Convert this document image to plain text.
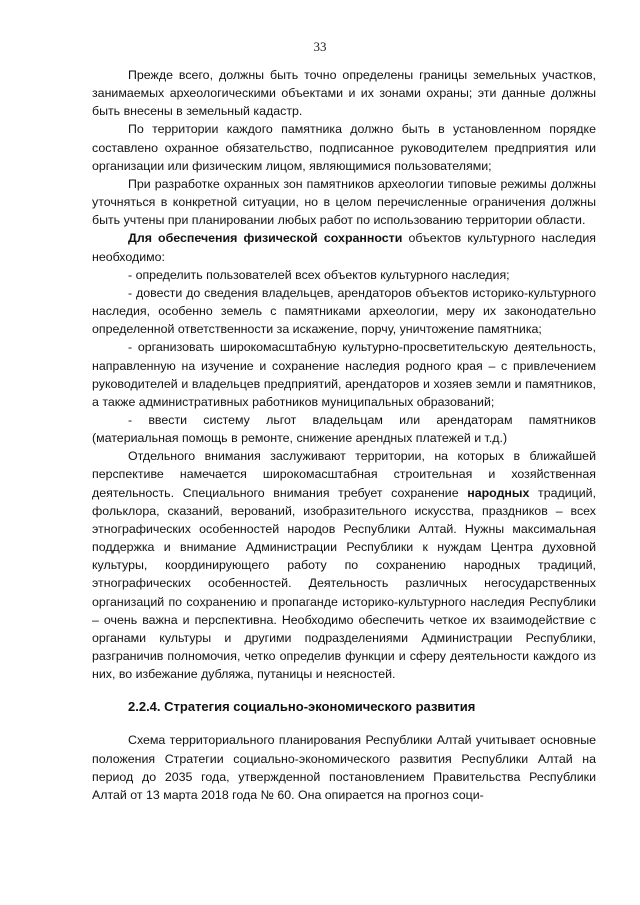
33

Прежде всего, должны быть точно определены границы земельных участков, занимаемых археологическими объектами и их зонами охраны; эти данные должны быть внесены в земельный кадастр.

По территории каждого памятника должно быть в установленном порядке составлено охранное обязательство, подписанное руководителем предприятия или организации или физическим лицом, являющимися пользователями;

При разработке охранных зон памятников археологии типовые режимы должны уточняться в конкретной ситуации, но в целом перечисленные ограничения должны быть учтены при планировании любых работ по использованию территории области.

Для обеспечения физической сохранности объектов культурного наследия необходимо:

- определить пользователей всех объектов культурного наследия;

- довести до сведения владельцев, арендаторов объектов историко-культурного наследия, особенно земель с памятниками археологии, меру их законодательно определенной ответственности за искажение, порчу, уничтожение памятника;

- организовать широкомасштабную культурно-просветительскую деятельность, направленную на изучение и сохранение наследия родного края – с привлечением руководителей и владельцев предприятий, арендаторов и хозяев земли и памятников, а также административных работников муниципальных образований;

- ввести систему льгот владельцам или арендаторам памятников (материальная помощь в ремонте, снижение арендных платежей и т.д.)

Отдельного внимания заслуживают территории, на которых в ближайшей перспективе намечается широкомасштабная строительная и хозяйственная деятельность. Специального внимания требует сохранение народных традиций, фольклора, сказаний, верований, изобразительного искусства, праздников – всех этнографических особенностей народов Республики Алтай. Нужны максимальная поддержка и внимание Администрации Республики к нуждам Центра духовной культуры, координирующего работу по сохранению народных традиций, этнографических особенностей. Деятельность различных негосударственных организаций по сохранению и пропаганде историко-культурного наследия Республики – очень важна и перспективна. Необходимо обеспечить четкое их взаимодействие с органами культуры и другими подразделениями Администрации Республики, разграничив полномочия, четко определив функции и сферу деятельности каждого из них, во избежание дубляжа, путаницы и неясностей.

2.2.4. Стратегия социально-экономического развития

Схема территориального планирования Республики Алтай учитывает основные положения Стратегии социально-экономического развития Республики Алтай на период до 2035 года, утвержденной постановлением Правительства Республики Алтай от 13 марта 2018 года № 60. Она опирается на прогноз соци-
